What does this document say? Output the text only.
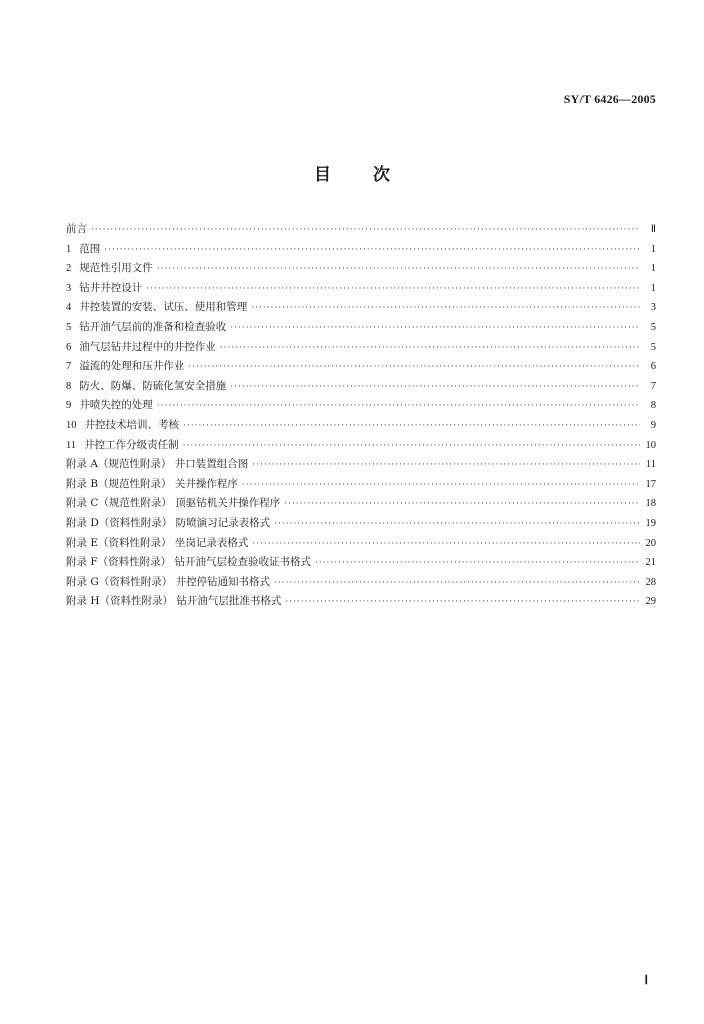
SY/T 6426—2005
目 次
前言 ·····	Ⅱ
1 范围 ·····	1
2 规范性引用文件 ·····	1
3 钻井井控设计 ·····	1
4 井控装置的安装、试压、使用和管理 ·····	3
5 钻开油气层前的准备和检查验收 ·····	5
6 油气层钻井过程中的井控作业 ·····	5
7 溢流的处理和压井作业 ·····	6
8 防火、防爆、防硫化氢安全措施 ·····	7
9 井喷失控的处理 ·····	8
10 井控技术培训、考核 ·····	9
11 井控工作分级责任制 ·····	10
附录 A（规范性附录） 井口装置组合图 ·····	11
附录 B（规范性附录） 关井操作程序 ·····	17
附录 C（规范性附录） 顶驱钻机关井操作程序 ·····	18
附录 D（资料性附录） 防喷演习记录表格式 ·····	19
附录 E（资料性附录） 坐岗记录表格式 ·····	20
附录 F（资料性附录） 钻开油气层检查验收证书格式 ·····	21
附录 G（资料性附录） 井控停钻通知书格式 ·····	28
附录 H（资料性附录） 钻开油气层批准书格式 ·····	29
Ⅰ
